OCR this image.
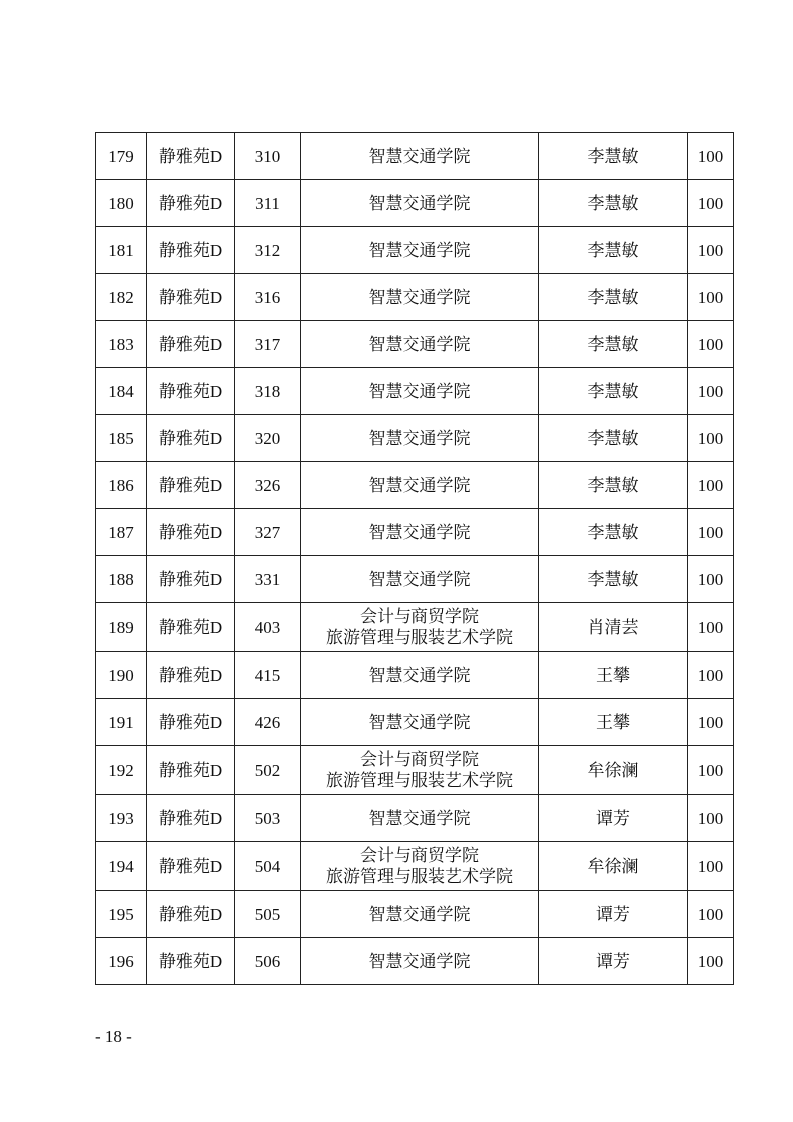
179	静雅苑D	310	智慧交通学院	李慧敏	100
180	静雅苑D	311	智慧交通学院	李慧敏	100
181	静雅苑D	312	智慧交通学院	李慧敏	100
182	静雅苑D	316	智慧交通学院	李慧敏	100
183	静雅苑D	317	智慧交通学院	李慧敏	100
184	静雅苑D	318	智慧交通学院	李慧敏	100
185	静雅苑D	320	智慧交通学院	李慧敏	100
186	静雅苑D	326	智慧交通学院	李慧敏	100
187	静雅苑D	327	智慧交通学院	李慧敏	100
188	静雅苑D	331	智慧交通学院	李慧敏	100
189	静雅苑D	403	会计与商贸学院
旅游管理与服装艺术学院	肖清芸	100
190	静雅苑D	415	智慧交通学院	王攀	100
191	静雅苑D	426	智慧交通学院	王攀	100
192	静雅苑D	502	会计与商贸学院
旅游管理与服装艺术学院	牟徐澜	100
193	静雅苑D	503	智慧交通学院	谭芳	100
194	静雅苑D	504	会计与商贸学院
旅游管理与服装艺术学院	牟徐澜	100
195	静雅苑D	505	智慧交通学院	谭芳	100
196	静雅苑D	506	智慧交通学院	谭芳	100
- 18 -
